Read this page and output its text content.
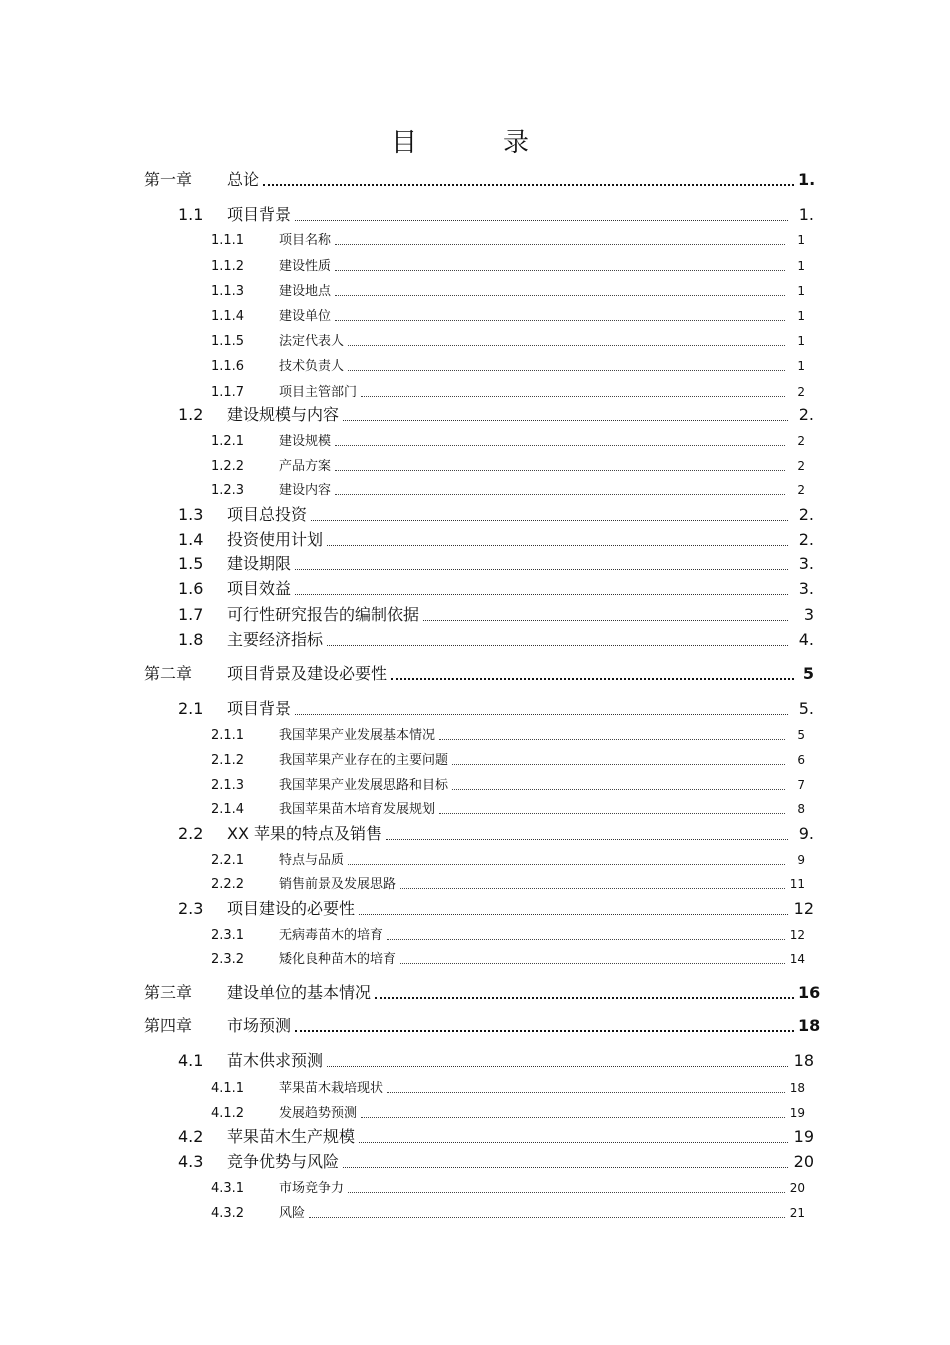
目　录
第一章	总论	1.
1.1	项目背景	1.
1.1.1	项目名称	1
1.1.2	建设性质	1
1.1.3	建设地点	1
1.1.4	建设单位	1
1.1.5	法定代表人	1
1.1.6	技术负责人	1
1.1.7	项目主管部门	2
1.2	建设规模与内容	2.
1.2.1	建设规模	2
1.2.2	产品方案	2
1.2.3	建设内容	2
1.3	项目总投资	2.
1.4	投资使用计划	2.
1.5	建设期限	3.
1.6	项目效益	3.
1.7	可行性研究报告的编制依据	3
1.8	主要经济指标	4.
第二章	项目背景及建设必要性	5
2.1	项目背景	5.
2.1.1	我国苹果产业发展基本情况	5
2.1.2	我国苹果产业存在的主要问题	6
2.1.3	我国苹果产业发展思路和目标	7
2.1.4	我国苹果苗木培育发展规划	8
2.2	XX 苹果的特点及销售	9.
2.2.1	特点与品质	9
2.2.2	销售前景及发展思路	11
2.3	项目建设的必要性	12
2.3.1	无病毒苗木的培育	12
2.3.2	矮化良种苗木的培育	14
第三章	建设单位的基本情况	16
第四章	市场预测	18
4.1	苗木供求预测	18
4.1.1	苹果苗木栽培现状	18
4.1.2	发展趋势预测	19
4.2	苹果苗木生产规模	19
4.3	竞争优势与风险	20
4.3.1	市场竞争力	20
4.3.2	风险	21
